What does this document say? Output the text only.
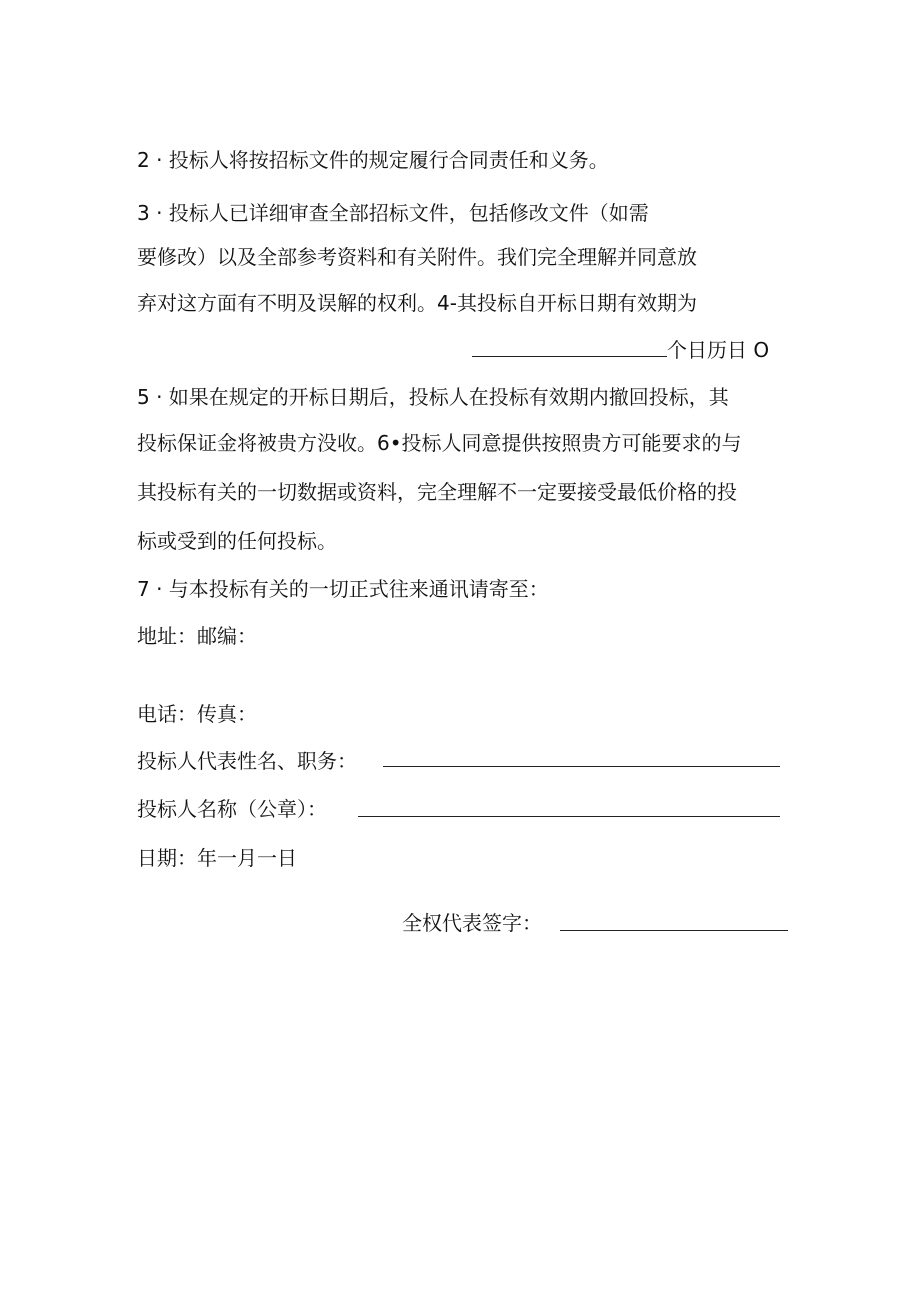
2 · 投标人将按招标文件的规定履行合同责任和义务。
3 · 投标人已详细审查全部招标文件，包括修改文件（如需
要修改）以及全部参考资料和有关附件。我们完全理解并同意放
弃对这方面有不明及误解的权利。4-其投标自开标日期有效期为
个日历日 O
5 · 如果在规定的开标日期后，投标人在投标有效期内撤回投标，其
投标保证金将被贵方没收。6•投标人同意提供按照贵方可能要求的与
其投标有关的一切数据或资料，完全理解不一定要接受最低价格的投
标或受到的任何投标。
7 · 与本投标有关的一切正式往来通讯请寄至：
地址：邮编：
电话：传真：
投标人代表性名、职务：
投标人名称（公章）：
日期：年一月一日
全权代表签字：
